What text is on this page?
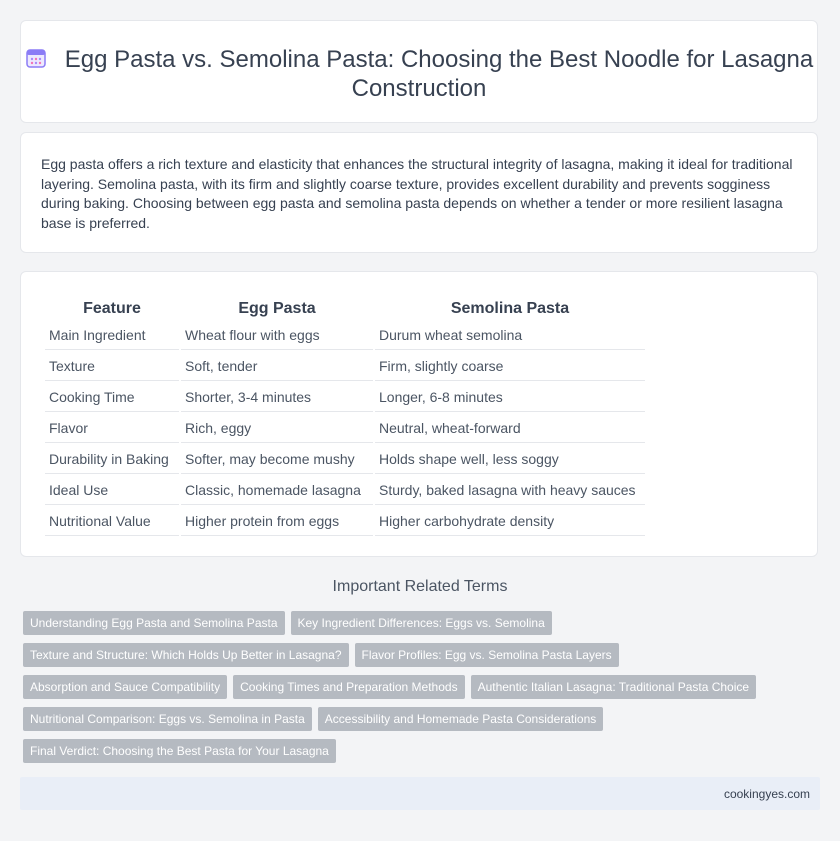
Egg Pasta vs. Semolina Pasta: Choosing the Best Noodle for Lasagna Construction

Egg pasta offers a rich texture and elasticity that enhances the structural integrity of lasagna, making it ideal for traditional layering. Semolina pasta, with its firm and slightly coarse texture, provides excellent durability and prevents sogginess during baking. Choosing between egg pasta and semolina pasta depends on whether a tender or more resilient lasagna base is preferred.

Feature	Egg Pasta	Semolina Pasta
Main Ingredient	Wheat flour with eggs	Durum wheat semolina
Texture	Soft, tender	Firm, slightly coarse
Cooking Time	Shorter, 3-4 minutes	Longer, 6-8 minutes
Flavor	Rich, eggy	Neutral, wheat-forward
Durability in Baking	Softer, may become mushy	Holds shape well, less soggy
Ideal Use	Classic, homemade lasagna	Sturdy, baked lasagna with heavy sauces
Nutritional Value	Higher protein from eggs	Higher carbohydrate density
Important Related Terms
Understanding Egg Pasta and Semolina Pasta Key Ingredient Differences: Eggs vs. Semolina
Texture and Structure: Which Holds Up Better in Lasagna? Flavor Profiles: Egg vs. Semolina Pasta Layers
Absorption and Sauce Compatibility Cooking Times and Preparation Methods Authentic Italian Lasagna: Traditional Pasta Choice
Nutritional Comparison: Eggs vs. Semolina in Pasta Accessibility and Homemade Pasta Considerations
Final Verdict: Choosing the Best Pasta for Your Lasagna
cookingyes.com
